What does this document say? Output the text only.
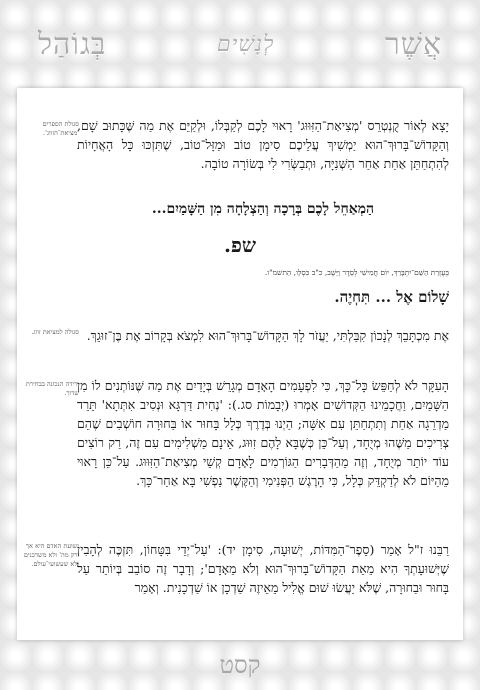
אֲשֶׁר
לְנָשִׁים
בְּגוֹהַל
יָצָא לְאוֹר קֻנְטְרֵס 'מְצִיאַת־הַזִּוּוּג' רָאוּי לָכֶם לְקַבְּלוֹ, וּלְקַיֵּם אֶת מַה שֶּׁכָּתוּב שָׁם, וְהַקָּדוֹשׁ־בָּרוּךְ־הוּא יַמְשִׁיךְ עֲלֵיכֶם סִימָן טוֹב וּמַזָּל־טוֹב, שֶׁתִּזְכּוּ כָּל הָאֲחָיוֹת לְהִתְחַתֵּן אַחַת אַחַר הַשְּׁנִיָּה, וּתְבַשְּׂרִי לִי בְּשׂוֹרָה טוֹבָה.
סגולת הספרים 'מציאת־הזווג'.
הַמְאַחֵל לָכֶם בְּרָכָה וְהַצְלָחָה מִן הַשָּׁמַיִם...
שפ.
בְּעֶזְרַת הַשֵּׁם־יִתְבָּרַךְ, יוֹם חֲמִישִׁי לְסֵדֶר וַיֵּשֶׁב, כ"ב כִּסְלֵו, הַתשמ"ו.
שָׁלוֹם אֶל ... תִּחְיֶה.
אֶת מִכְתָּבֵךְ לְנָכוֹן קִבַּלְתִּי, יַעֲזֹר לָךְ הַקָּדוֹשׁ־בָּרוּךְ־הוּא לִמְצֹא בְּקָרוֹב אֶת בֶּן־זוּגֵךְ.
סגולה למציאת זווג.
הָעִקָּר לֹא לְחַפֵּשׂ כָּל־כָּךְ, כִּי לִפְעָמִים הָאָדָם מְגָרֵשׁ בְּיָדַיִם אֶת מַה שֶּׁנּוֹתְנִים לוֹ מִן הַשָּׁמַיִם, וַחֲכָמֵינוּ הַקְּדוֹשִׁים אָמְרוּ (יְבָמוֹת סג.): 'נְחִית דַּרְגָּא וּנְסִיב אִתְּתָא' תֵּרֵד מַדְרֵגָה אַחַת וְתִתְחַתֵּן עִם אִשָּׁה; הַיְנוּ בְּדֶרֶךְ כְּלָל בָּחוּר אוֹ בַּחוּרָה חוֹשְׁבִים שֶׁהֵם צְרִיכִים מַשֶּׁהוּ מְיֻחָד, וְעַל־כֵּן כְּשֶׁבָּא לָהֶם זִוּוּג, אֵינָם מַשְׁלִימִים עִם זֶה, רַק רוֹצִים עוֹד יוֹתֵר מְיֻחָד, וְזֶה מֵהַדְּבָרִים הַגּוֹרְמִים לָאָדָם קְשֵׁי מְצִיאַת־הַזִּוּוּג. עַל־כֵּן רָאוּי מֵהַיּוֹם לֹא לְדַקְדֵּק כְּלָל, כִּי הָרֶגֶשׁ הַפְּנִימִי וְהַקֶּשֶׁר נַפְשִׁי בָּא אַחַר־כָּךְ.
ירידה הנכונה בבחירת שדוך.
רַבֵּנוּ ז"ל אָמַר (סֵפֶר־הַמִּדּוֹת, יְשׁוּעָה, סִימָן יד): 'עַל־יְדֵי בִּטָּחוֹן, תִּזְכֶּה לְהָבִין שֶׁיְּשׁוּעָתְךָ הִיא מֵאֵת הַקָּדוֹשׁ־בָּרוּךְ־הוּא וְלֹא מֵאָדָם'; וְדָבָר זֶה סוֹבֵב בְּיוֹתֵר עַל בָּחוּר וּבַחוּרָה, שֶׁלֹּא יַעֲשׂוּ שׁוּם אֱלִיל מֵאֵיזֶה שַׁדְכָן אוֹ שַׁדְכָנִית. וְאָמַר
ישועת האדם היא אך ורק מה' ולא משדכנים ולא שעשועי־עולם.
קסט
